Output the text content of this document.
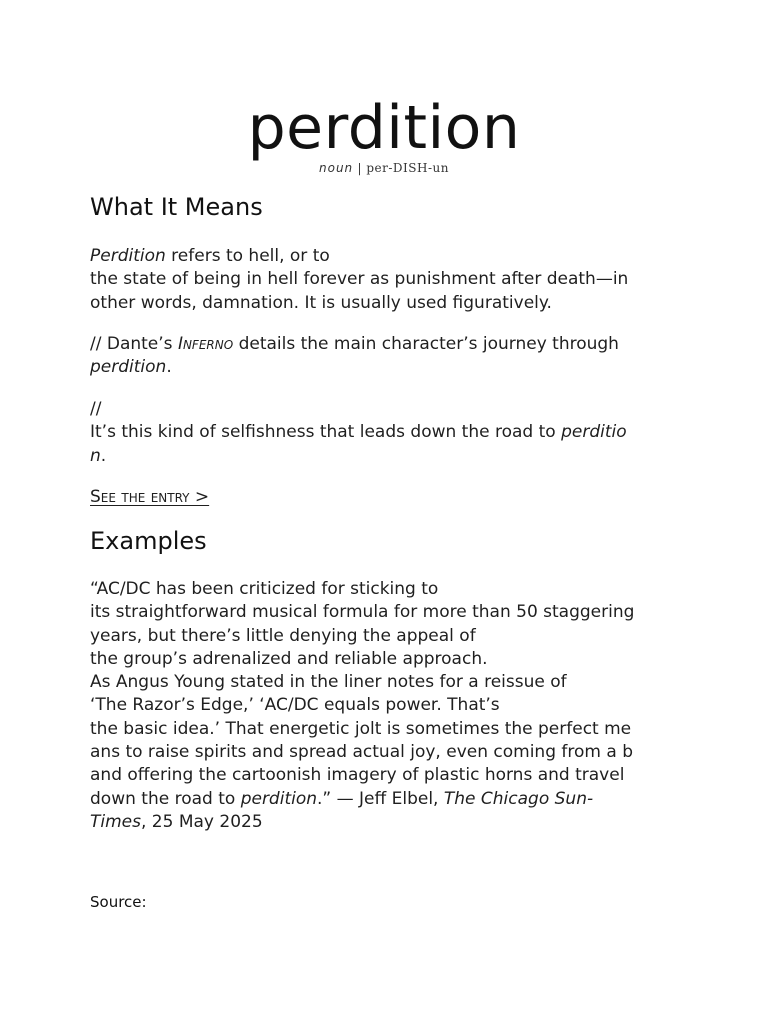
perdition
noun | per-DISH-un
What It Means

Perdition refers to hell, or to
the state of being in hell forever as punishment after death—in
other words, damnation. It is usually used figuratively.

// Dante’s Inferno details the main character’s journey through
perdition.

//
It’s this kind of selfishness that leads down the road to perditio
n.

See the entry >
Examples

“AC/DC has been criticized for sticking to
its straightforward musical formula for more than 50 staggering
years, but there’s little denying the appeal of
the group’s adrenalized and reliable approach.
As Angus Young stated in the liner notes for a reissue of
‘The Razor’s Edge,’ ‘AC/DC equals power. That’s
the basic idea.’ That energetic jolt is sometimes the perfect me
ans to raise spirits and spread actual joy, even coming from a b
and offering the cartoonish imagery of plastic horns and travel
down the road to perdition.” — Jeff Elbel, The Chicago Sun-
Times, 25 May 2025

Source:
